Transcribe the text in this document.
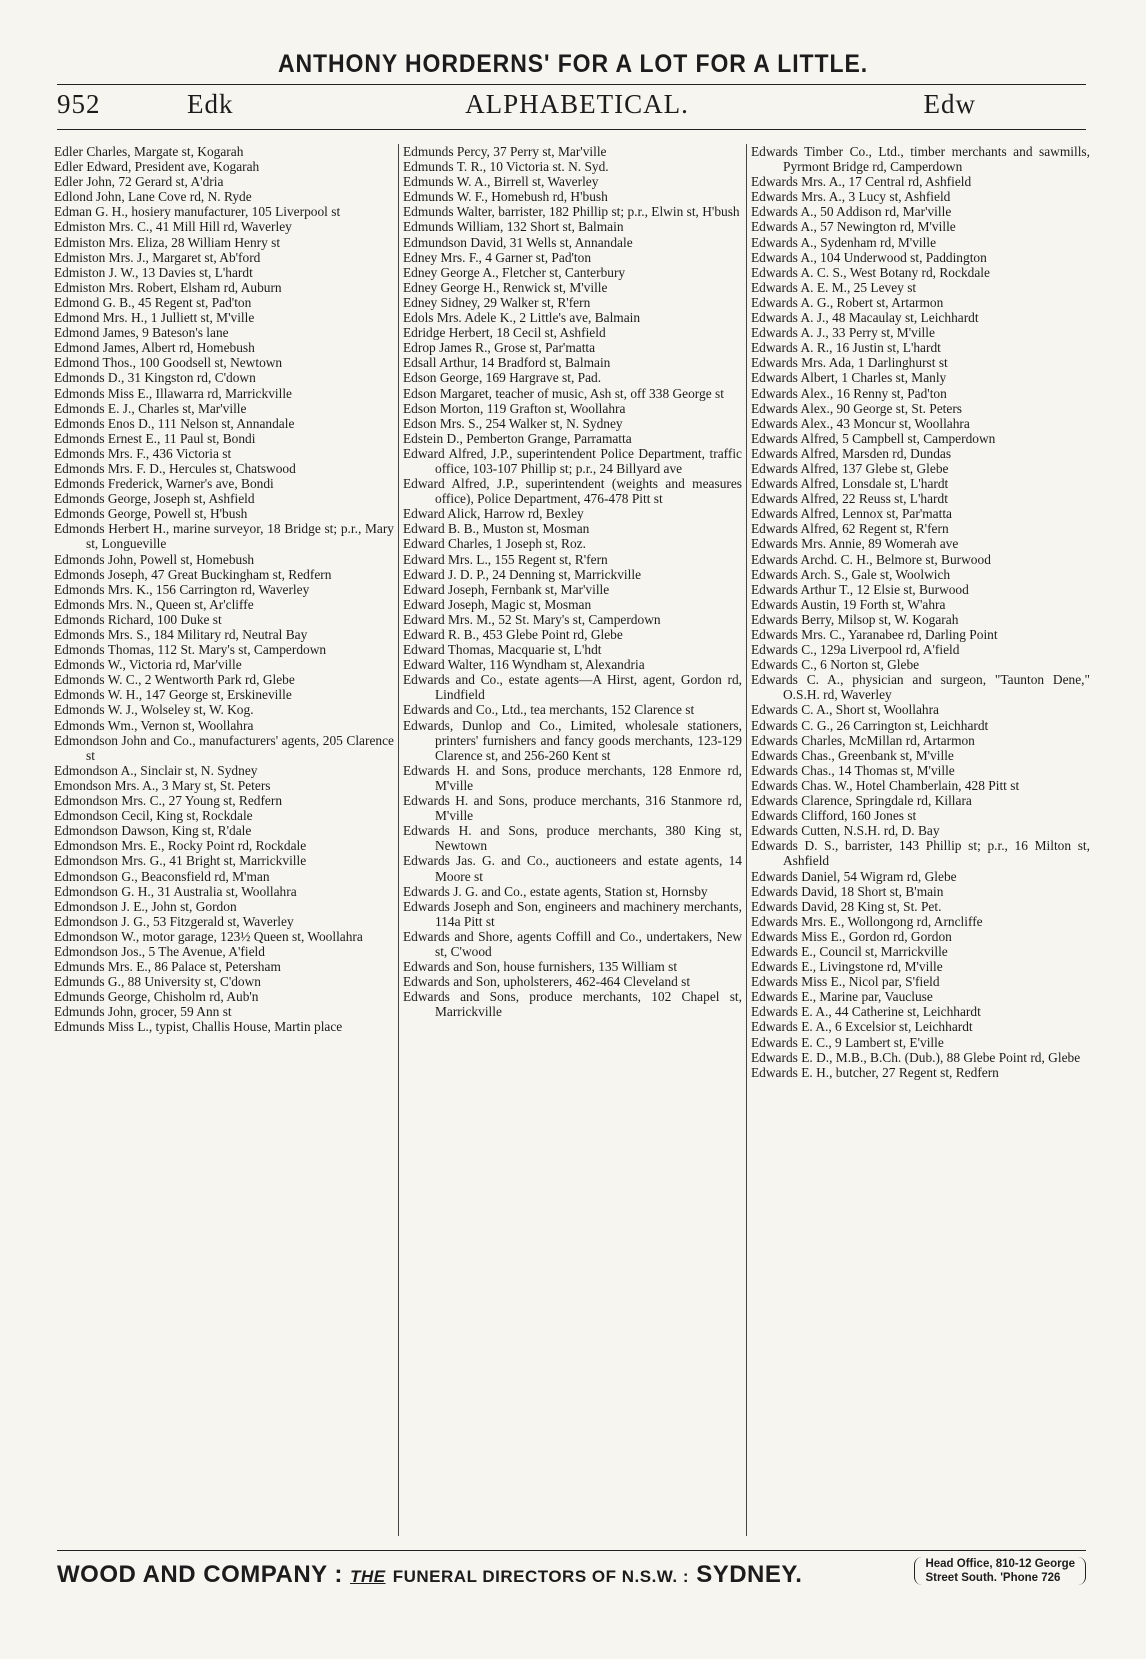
ANTHONY HORDERNS' FOR A LOT FOR A LITTLE.
952	Edk	ALPHABETICAL.	Edw
Edler Charles, Margate st, Kogarah
Edler Edward, President ave, Kogarah
Edler John, 72 Gerard st, A'dria
Edlond John, Lane Cove rd, N. Ryde
Edman G. H., hosiery manufacturer, 105 Liverpool st
Edmiston Mrs. C., 41 Mill Hill rd, Waverley
Edmiston Mrs. Eliza, 28 William Henry st
Edmiston Mrs. J., Margaret st, Ab'ford
Edmiston J. W., 13 Davies st, L'hardt
Edmiston Mrs. Robert, Elsham rd, Auburn
Edmond G. B., 45 Regent st, Pad'ton
Edmond Mrs. H., 1 Julliett st, M'ville
Edmond James, 9 Bateson's lane
Edmond James, Albert rd, Homebush
Edmond Thos., 100 Goodsell st, Newtown
Edmonds D., 31 Kingston rd, C'down
Edmonds Miss E., Illawarra rd, Marrickville
Edmonds E. J., Charles st, Mar'ville
Edmonds Enos D., 111 Nelson st, Annandale
Edmonds Ernest E., 11 Paul st, Bondi
Edmonds Mrs. F., 436 Victoria st
Edmonds Mrs. F. D., Hercules st, Chatswood
Edmonds Frederick, Warner's ave, Bondi
Edmonds George, Joseph st, Ashfield
Edmonds George, Powell st, H'bush
Edmonds Herbert H., marine surveyor, 18 Bridge st; p.r., Mary st, Longueville
Edmonds John, Powell st, Homebush
Edmonds Joseph, 47 Great Buckingham st, Redfern
Edmonds Mrs. K., 156 Carrington rd, Waverley
Edmonds Mrs. N., Queen st, Ar'cliffe
Edmonds Richard, 100 Duke st
Edmonds Mrs. S., 184 Military rd, Neutral Bay
Edmonds Thomas, 112 St. Mary's st, Camperdown
Edmonds W., Victoria rd, Mar'ville
Edmonds W. C., 2 Wentworth Park rd, Glebe
Edmonds W. H., 147 George st, Erskineville
Edmonds W. J., Wolseley st, W. Kog.
Edmonds Wm., Vernon st, Woollahra
Edmondson John and Co., manufacturers' agents, 205 Clarence st
Edmondson A., Sinclair st, N. Sydney
Emondson Mrs. A., 3 Mary st, St. Peters
Edmondson Mrs. C., 27 Young st, Redfern
Edmondson Cecil, King st, Rockdale
Edmondson Dawson, King st, R'dale
Edmondson Mrs. E., Rocky Point rd, Rockdale
Edmondson Mrs. G., 41 Bright st, Marrickville
Edmondson G., Beaconsfield rd, M'man
Edmondson G. H., 31 Australia st, Woollahra
Edmondson J. E., John st, Gordon
Edmondson J. G., 53 Fitzgerald st, Waverley
Edmondson W., motor garage, 123½ Queen st, Woollahra
Edmondson Jos., 5 The Avenue, A'field
Edmunds Mrs. E., 86 Palace st, Petersham
Edmunds G., 88 University st, C'down
Edmunds George, Chisholm rd, Aub'n
Edmunds John, grocer, 59 Ann st
Edmunds Miss L., typist, Challis House, Martin place
Edmunds Percy, 37 Perry st, Mar'ville
Edmunds T. R., 10 Victoria st. N. Syd.
Edmunds W. A., Birrell st, Waverley
Edmunds W. F., Homebush rd, H'bush
Edmunds Walter, barrister, 182 Phillip st; p.r., Elwin st, H'bush
Edmunds William, 132 Short st, Balmain
Edmundson David, 31 Wells st, Annandale
Edney Mrs. F., 4 Garner st, Pad'ton
Edney George A., Fletcher st, Canterbury
Edney George H., Renwick st, M'ville
Edney Sidney, 29 Walker st, R'fern
Edols Mrs. Adele K., 2 Little's ave, Balmain
Edridge Herbert, 18 Cecil st, Ashfield
Edrop James R., Grose st, Par'matta
Edsall Arthur, 14 Bradford st, Balmain
Edson George, 169 Hargrave st, Pad.
Edson Margaret, teacher of music, Ash st, off 338 George st
Edson Morton, 119 Grafton st, Woollahra
Edson Mrs. S., 254 Walker st, N. Sydney
Edstein D., Pemberton Grange, Parramatta
Edward Alfred, J.P., superintendent Police Department, traffic office, 103-107 Phillip st; p.r., 24 Billyard ave
Edward Alfred, J.P., superintendent (weights and measures office), Police Department, 476-478 Pitt st
Edward Alick, Harrow rd, Bexley
Edward B. B., Muston st, Mosman
Edward Charles, 1 Joseph st, Roz.
Edward Mrs. L., 155 Regent st, R'fern
Edward J. D. P., 24 Denning st, Marrickville
Edward Joseph, Fernbank st, Mar'ville
Edward Joseph, Magic st, Mosman
Edward Mrs. M., 52 St. Mary's st, Camperdown
Edward R. B., 453 Glebe Point rd, Glebe
Edward Thomas, Macquarie st, L'hdt
Edward Walter, 116 Wyndham st, Alexandria
Edwards and Co., estate agents—A Hirst, agent, Gordon rd, Lindfield
Edwards and Co., Ltd., tea merchants, 152 Clarence st
Edwards, Dunlop and Co., Limited, wholesale stationers, printers' furnishers and fancy goods merchants, 123-129 Clarence st, and 256-260 Kent st
Edwards H. and Sons, produce merchants, 128 Enmore rd, M'ville
Edwards H. and Sons, produce merchants, 316 Stanmore rd, M'ville
Edwards H. and Sons, produce merchants, 380 King st, Newtown
Edwards Jas. G. and Co., auctioneers and estate agents, 14 Moore st
Edwards J. G. and Co., estate agents, Station st, Hornsby
Edwards Joseph and Son, engineers and machinery merchants, 114a Pitt st
Edwards and Shore, agents Coffill and Co., undertakers, New st, C'wood
Edwards and Son, house furnishers, 135 William st
Edwards and Son, upholsterers, 462-464 Cleveland st
Edwards and Sons, produce merchants, 102 Chapel st, Marrickville
Edwards Timber Co., Ltd., timber merchants and sawmills, Pyrmont Bridge rd, Camperdown
Edwards Mrs. A., 17 Central rd, Ashfield
Edwards Mrs. A., 3 Lucy st, Ashfield
Edwards A., 50 Addison rd, Mar'ville
Edwards A., 57 Newington rd, M'ville
Edwards A., Sydenham rd, M'ville
Edwards A., 104 Underwood st, Paddington
Edwards A. C. S., West Botany rd, Rockdale
Edwards A. E. M., 25 Levey st
Edwards A. G., Robert st, Artarmon
Edwards A. J., 48 Macaulay st, Leichhardt
Edwards A. J., 33 Perry st, M'ville
Edwards A. R., 16 Justin st, L'hardt
Edwards Mrs. Ada, 1 Darlinghurst st
Edwards Albert, 1 Charles st, Manly
Edwards Alex., 16 Renny st, Pad'ton
Edwards Alex., 90 George st, St. Peters
Edwards Alex., 43 Moncur st, Woollahra
Edwards Alfred, 5 Campbell st, Camperdown
Edwards Alfred, Marsden rd, Dundas
Edwards Alfred, 137 Glebe st, Glebe
Edwards Alfred, Lonsdale st, L'hardt
Edwards Alfred, 22 Reuss st, L'hardt
Edwards Alfred, Lennox st, Par'matta
Edwards Alfred, 62 Regent st, R'fern
Edwards Mrs. Annie, 89 Womerah ave
Edwards Archd. C. H., Belmore st, Burwood
Edwards Arch. S., Gale st, Woolwich
Edwards Arthur T., 12 Elsie st, Burwood
Edwards Austin, 19 Forth st, W'ahra
Edwards Berry, Milsop st, W. Kogarah
Edwards Mrs. C., Yaranabee rd, Darling Point
Edwards C., 129a Liverpool rd, A'field
Edwards C., 6 Norton st, Glebe
Edwards C. A., physician and surgeon, "Taunton Dene," O.S.H. rd, Waverley
Edwards C. A., Short st, Woollahra
Edwards C. G., 26 Carrington st, Leichhardt
Edwards Charles, McMillan rd, Artarmon
Edwards Chas., Greenbank st, M'ville
Edwards Chas., 14 Thomas st, M'ville
Edwards Chas. W., Hotel Chamberlain, 428 Pitt st
Edwards Clarence, Springdale rd, Killara
Edwards Clifford, 160 Jones st
Edwards Cutten, N.S.H. rd, D. Bay
Edwards D. S., barrister, 143 Phillip st; p.r., 16 Milton st, Ashfield
Edwards Daniel, 54 Wigram rd, Glebe
Edwards David, 18 Short st, B'main
Edwards David, 28 King st, St. Pet.
Edwards Mrs. E., Wollongong rd, Arncliffe
Edwards Miss E., Gordon rd, Gordon
Edwards E., Council st, Marrickville
Edwards E., Livingstone rd, M'ville
Edwards Miss E., Nicol par, S'field
Edwards E., Marine par, Vaucluse
Edwards E. A., 44 Catherine st, Leichhardt
Edwards E. A., 6 Excelsior st, Leichhardt
Edwards E. C., 9 Lambert st, E'ville
Edwards E. D., M.B., B.Ch. (Dub.), 88 Glebe Point rd, Glebe
Edwards E. H., butcher, 27 Regent st, Redfern
WOOD AND COMPANY : THE FUNERAL DIRECTORS OF N.S.W. : SYDNEY.	Head Office, 810-12 George
Street South. 'Phone 726
